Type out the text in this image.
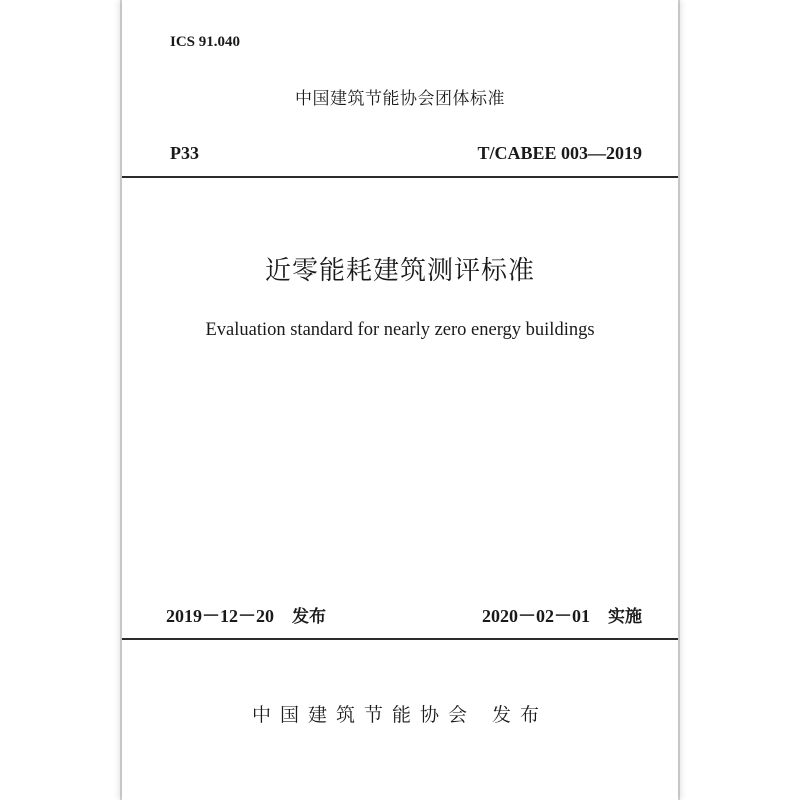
ICS 91.040
中国建筑节能协会团体标准
P33	T/CABEE 003—2019
近零能耗建筑测评标准
Evaluation standard for nearly zero energy buildings
2019－12－20 发布	2020－02－01 实施
中国建筑节能协会 发布
